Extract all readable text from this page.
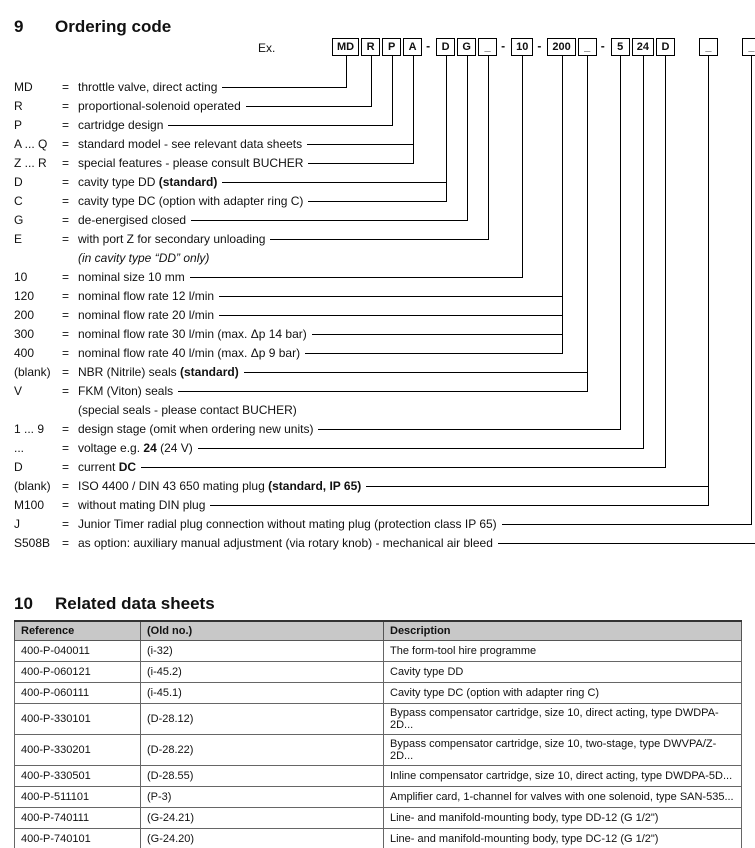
9 Ordering code
Ex.	MD	R	P	A -	D	G	_ -	10 -	200	_ -	5	24	D	_	_
MD = throttle valve, direct acting
R	= proportional-solenoid operated
P	= cartridge design
A ... Q = standard model - see relevant data sheets
Z ... R = special features - please consult BUCHER
D	= cavity type DD (standard)
C	= cavity type DC (option with adapter ring C)
G	= de-energised closed
E	= with port Z for secondary unloading
(in cavity type “DD” only)
10	= nominal size 10 mm
120 = nominal flow rate 12 l/min
200 = nominal flow rate 20 l/min
300 = nominal flow rate 30 l/min (max. Δp 14 bar)
400 = nominal flow rate 40 l/min (max. Δp 9 bar)
(blank) = NBR (Nitrile) seals (standard)
V	= FKM (Viton) seals
(special seals - please contact BUCHER)
1 ... 9 = design stage (omit when ordering new units)
...	= voltage e.g. 24 (24 V)
D	= current DC
(blank) = ISO 4400 / DIN 43 650 mating plug (standard, IP 65)
M100 = without mating DIN plug
J	= Junior Timer radial plug connection without mating plug (protection class IP 65)
S508B = as option: auxiliary manual adjustment (via rotary knob) - mechanical air bleed
10 Related data sheets
Reference	(Old no.)	Description
400-P-040011	(i-32)	The form-tool hire programme
400-P-060121	(i-45.2)	Cavity type DD
400-P-060111	(i-45.1)	Cavity type DC (option with adapter ring C)
400-P-330101	(D-28.12)	Bypass compensator cartridge, size 10, direct acting, type DWDPA-2D...
400-P-330201	(D-28.22)	Bypass compensator cartridge, size 10, two-stage, type DWVPA/Z-2D...
400-P-330501	(D-28.55)	Inline compensator cartridge, size 10, direct acting, type DWDPA-5D...
400-P-511101	(P-3)	Amplifier card, 1-channel for valves with one solenoid, type SAN-535...
400-P-740111	(G-24.21)	Line- and manifold-mounting body, type DD-12 (G 1/2")
400-P-740101	(G-24.20)	Line- and manifold-mounting body, type DC-12 (G 1/2")
